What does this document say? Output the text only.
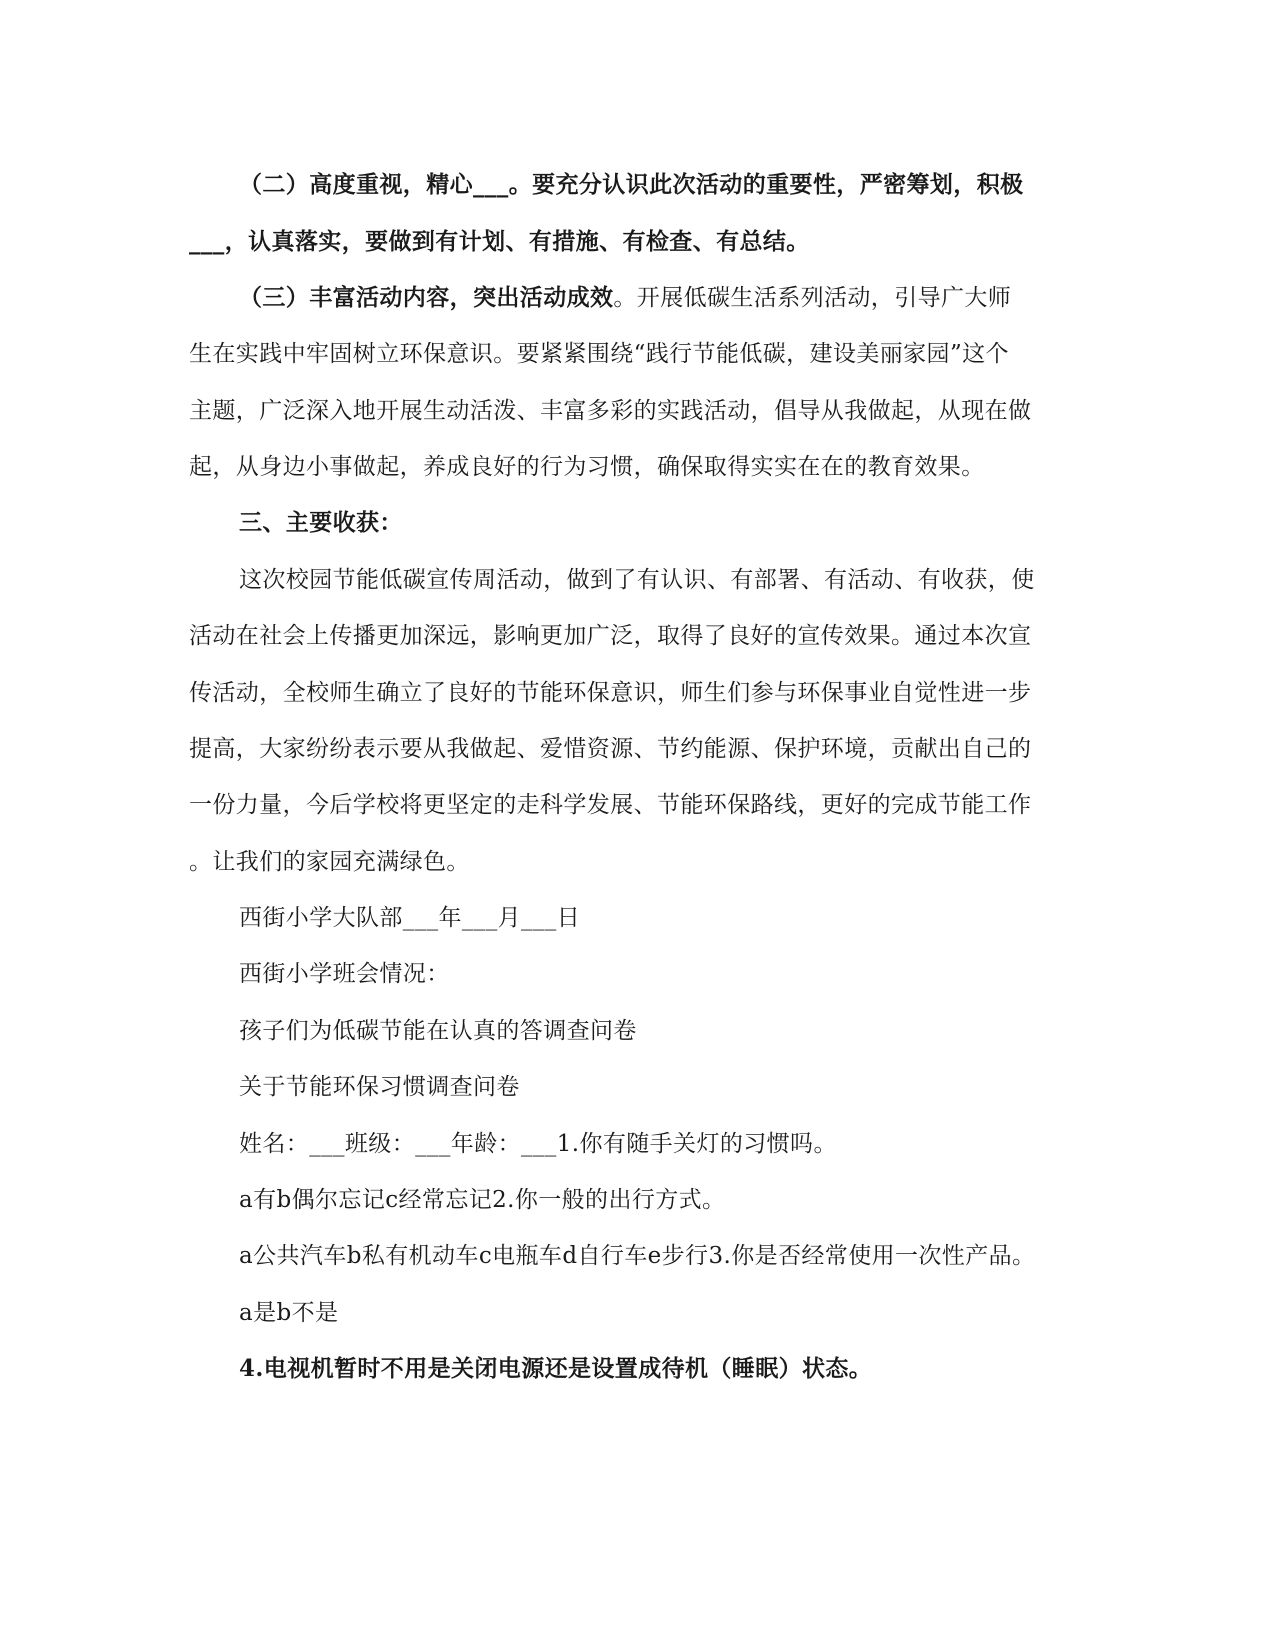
（二）高度重视，精心___。要充分认识此次活动的重要性，严密筹划，积极
___，认真落实，要做到有计划、有措施、有检查、有总结。
（三）丰富活动内容，突出活动成效。开展低碳生活系列活动，引导广大师
生在实践中牢固树立环保意识。要紧紧围绕“践行节能低碳，建设美丽家园”这个
主题，广泛深入地开展生动活泼、丰富多彩的实践活动，倡导从我做起，从现在做
起，从身边小事做起，养成良好的行为习惯，确保取得实实在在的教育效果。
三、主要收获：
这次校园节能低碳宣传周活动，做到了有认识、有部署、有活动、有收获，使
活动在社会上传播更加深远，影响更加广泛，取得了良好的宣传效果。通过本次宣
传活动，全校师生确立了良好的节能环保意识，师生们参与环保事业自觉性进一步
提高，大家纷纷表示要从我做起、爱惜资源、节约能源、保护环境，贡献出自己的
一份力量，今后学校将更坚定的走科学发展、节能环保路线，更好的完成节能工作
。让我们的家园充满绿色。
西街小学大队部___年___月___日
西街小学班会情况：
孩子们为低碳节能在认真的答调查问卷
关于节能环保习惯调查问卷
姓名：___班级：___年龄：___1.你有随手关灯的习惯吗。
a有b偶尔忘记c经常忘记2.你一般的出行方式。
a公共汽车b私有机动车c电瓶车d自行车e步行3.你是否经常使用一次性产品。
a是b不是
4.电视机暂时不用是关闭电源还是设置成待机（睡眠）状态。
